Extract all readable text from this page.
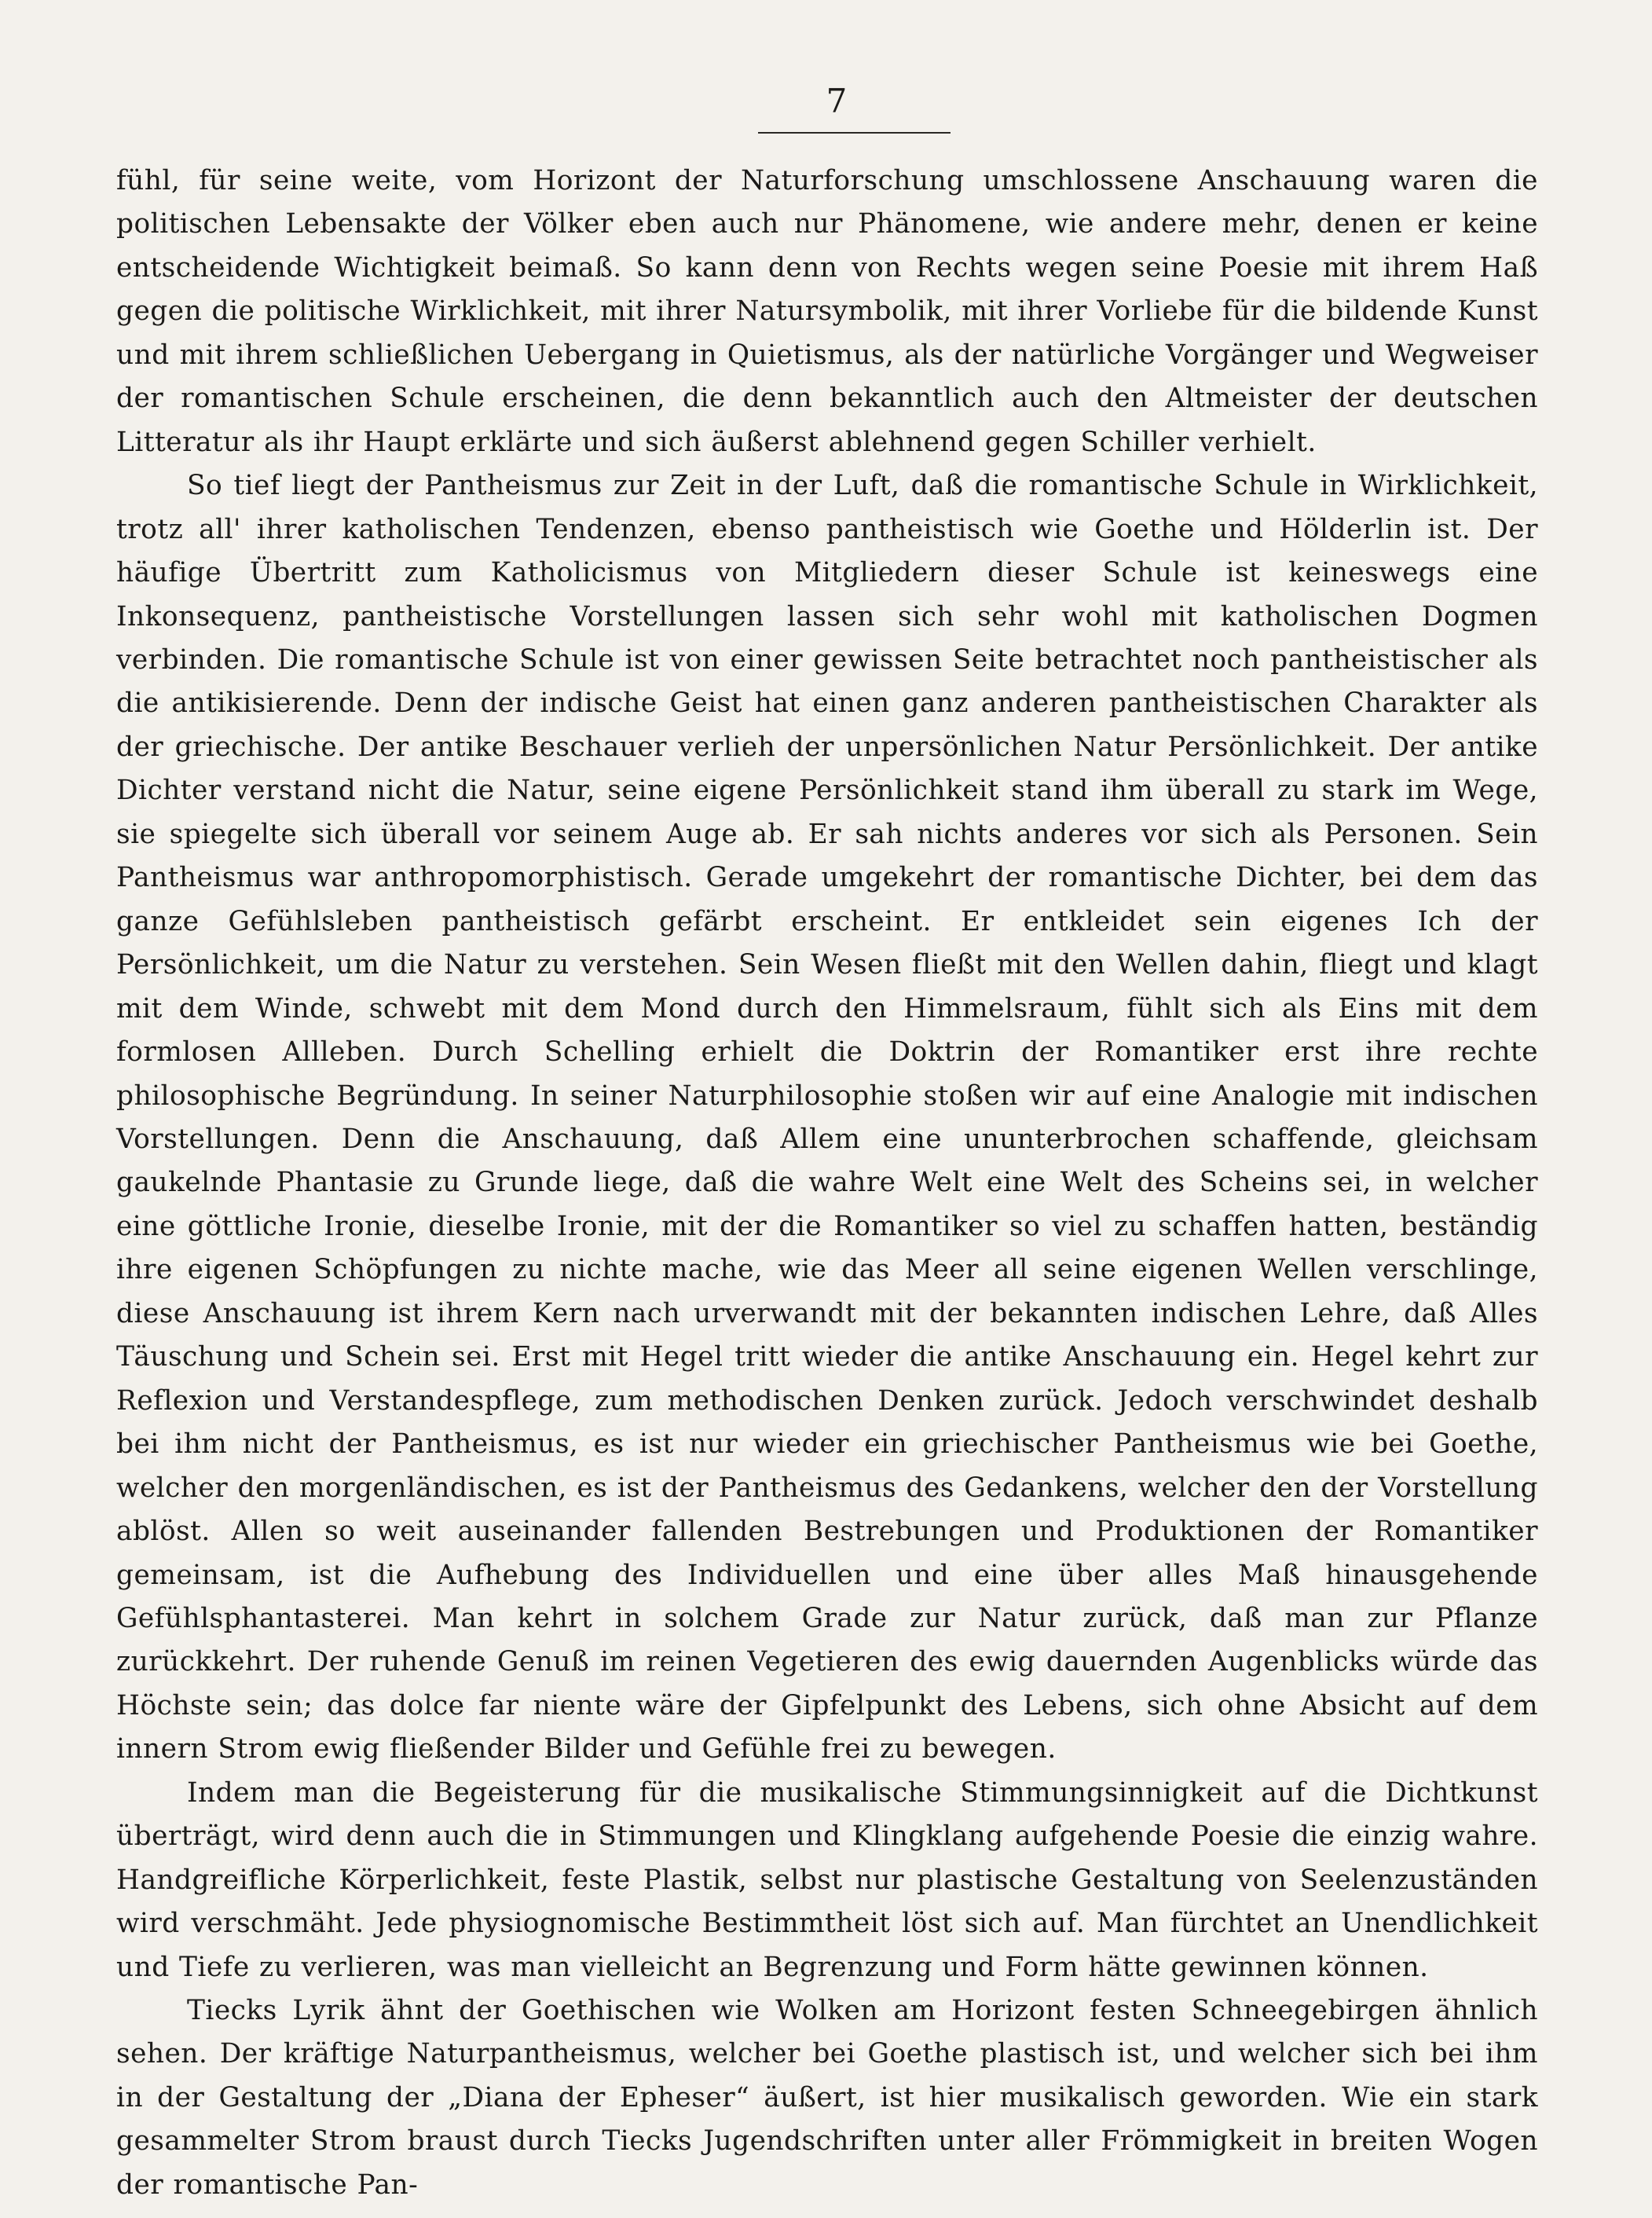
7

fühl, für seine weite, vom Horizont der Naturforschung umschlossene Anschauung waren die politischen Lebensakte der Völker eben auch nur Phänomene, wie andere mehr, denen er keine entscheidende Wichtigkeit beimaß. So kann denn von Rechts wegen seine Poesie mit ihrem Haß gegen die politische Wirklichkeit, mit ihrer Natursymbolik, mit ihrer Vorliebe für die bildende Kunst und mit ihrem schließlichen Uebergang in Quietismus, als der natürliche Vorgänger und Wegweiser der romantischen Schule erscheinen, die denn bekanntlich auch den Altmeister der deutschen Litteratur als ihr Haupt erklärte und sich äußerst ablehnend gegen Schiller verhielt.

So tief liegt der Pantheismus zur Zeit in der Luft, daß die romantische Schule in Wirklichkeit, trotz all' ihrer katholischen Tendenzen, ebenso pantheistisch wie Goethe und Hölderlin ist. Der häufige Übertritt zum Katholicismus von Mitgliedern dieser Schule ist keineswegs eine Inkonsequenz, pantheistische Vorstellungen lassen sich sehr wohl mit katholischen Dogmen verbinden. Die romantische Schule ist von einer gewissen Seite betrachtet noch pantheistischer als die antikisierende. Denn der indische Geist hat einen ganz anderen pantheistischen Charakter als der griechische. Der antike Beschauer verlieh der unpersönlichen Natur Persönlichkeit. Der antike Dichter verstand nicht die Natur, seine eigene Persönlichkeit stand ihm überall zu stark im Wege, sie spiegelte sich überall vor seinem Auge ab. Er sah nichts anderes vor sich als Personen. Sein Pantheismus war anthropomorphistisch. Gerade umgekehrt der romantische Dichter, bei dem das ganze Gefühlsleben pantheistisch gefärbt erscheint. Er entkleidet sein eigenes Ich der Persönlichkeit, um die Natur zu verstehen. Sein Wesen fließt mit den Wellen dahin, fliegt und klagt mit dem Winde, schwebt mit dem Mond durch den Himmelsraum, fühlt sich als Eins mit dem formlosen Allleben. Durch Schelling erhielt die Doktrin der Romantiker erst ihre rechte philosophische Begründung. In seiner Naturphilosophie stoßen wir auf eine Analogie mit indischen Vorstellungen. Denn die Anschauung, daß Allem eine ununterbrochen schaffende, gleichsam gaukelnde Phantasie zu Grunde liege, daß die wahre Welt eine Welt des Scheins sei, in welcher eine göttliche Ironie, dieselbe Ironie, mit der die Romantiker so viel zu schaffen hatten, beständig ihre eigenen Schöpfungen zu nichte mache, wie das Meer all seine eigenen Wellen verschlinge, diese Anschauung ist ihrem Kern nach urverwandt mit der bekannten indischen Lehre, daß Alles Täuschung und Schein sei. Erst mit Hegel tritt wieder die antike Anschauung ein. Hegel kehrt zur Reflexion und Verstandespflege, zum methodischen Denken zurück. Jedoch verschwindet deshalb bei ihm nicht der Pantheismus, es ist nur wieder ein griechischer Pantheismus wie bei Goethe, welcher den morgenländischen, es ist der Pantheismus des Gedankens, welcher den der Vorstellung ablöst. Allen so weit auseinander fallenden Bestrebungen und Produktionen der Romantiker gemeinsam, ist die Aufhebung des Individuellen und eine über alles Maß hinausgehende Gefühlsphantasterei. Man kehrt in solchem Grade zur Natur zurück, daß man zur Pflanze zurückkehrt. Der ruhende Genuß im reinen Vegetieren des ewig dauernden Augenblicks würde das Höchste sein; das dolce far niente wäre der Gipfelpunkt des Lebens, sich ohne Absicht auf dem innern Strom ewig fließender Bilder und Gefühle frei zu bewegen.

Indem man die Begeisterung für die musikalische Stimmungsinnigkeit auf die Dichtkunst überträgt, wird denn auch die in Stimmungen und Klingklang aufgehende Poesie die einzig wahre. Handgreifliche Körperlichkeit, feste Plastik, selbst nur plastische Gestaltung von Seelenzuständen wird verschmäht. Jede physiognomische Bestimmtheit löst sich auf. Man fürchtet an Unendlichkeit und Tiefe zu verlieren, was man vielleicht an Begrenzung und Form hätte gewinnen können.

Tiecks Lyrik ähnt der Goethischen wie Wolken am Horizont festen Schneegebirgen ähnlich sehen. Der kräftige Naturpantheismus, welcher bei Goethe plastisch ist, und welcher sich bei ihm in der Gestaltung der „Diana der Epheser“ äußert, ist hier musikalisch geworden. Wie ein stark gesammelter Strom braust durch Tiecks Jugendschriften unter aller Frömmigkeit in breiten Wogen der romantische Pan-
